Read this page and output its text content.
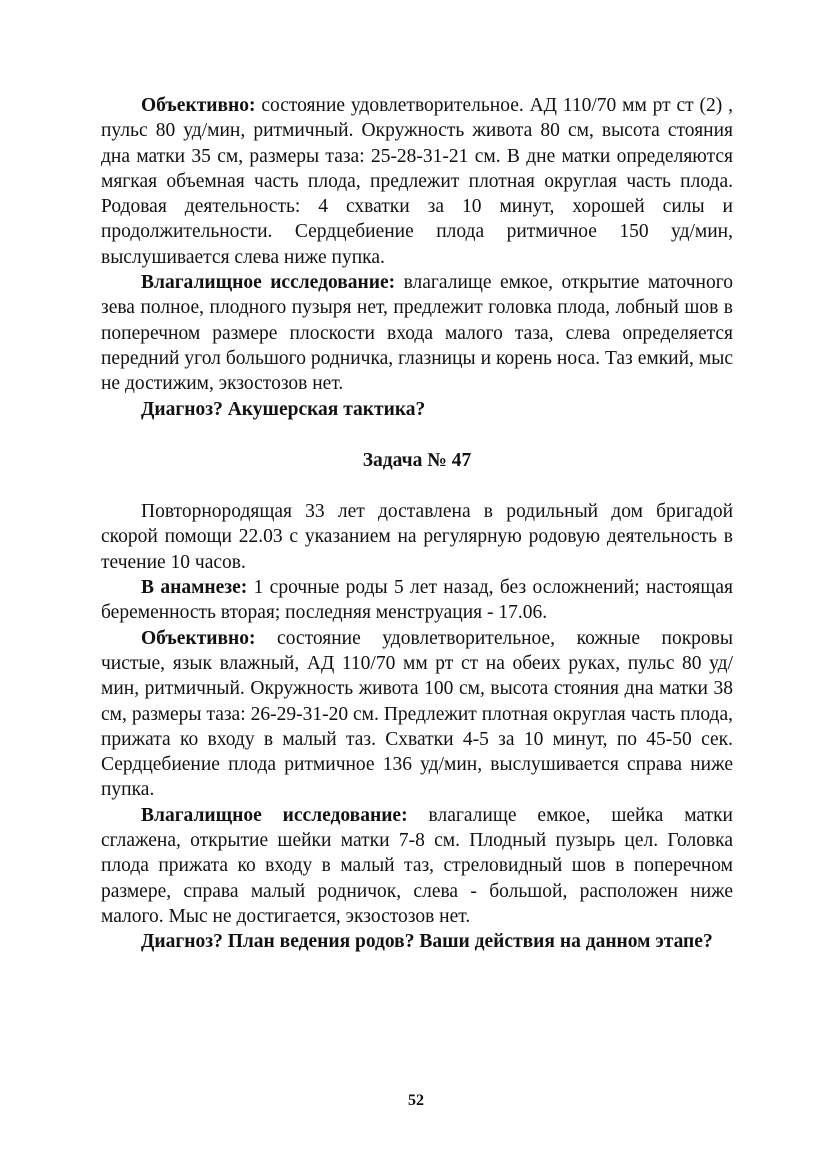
Объективно: состояние удовлетворительное. АД 110/70 мм рт ст (2) , пульс 80 уд/мин, ритмичный. Окружность живота 80 см, высота стояния дна матки 35 см, размеры таза: 25-28-31-21 см. В дне матки определяются мягкая объемная часть плода, предлежит плотная округлая часть плода. Родовая деятельность: 4 схватки за 10 минут, хорошей силы и продолжительности. Сердцебиение плода ритмичное 150 уд/мин, выслушивается слева ниже пупка.

Влагалищное исследование: влагалище емкое, открытие маточного зева полное, плодного пузыря нет, предлежит головка плода, лобный шов в поперечном размере плоскости входа малого таза, слева определяется передний угол большого родничка, глазницы и корень носа. Таз емкий, мыс не достижим, экзостозов нет.

Диагноз? Акушерская тактика?

Задача № 47

Повторнородящая 33 лет доставлена в родильный дом бригадой скорой помощи 22.03 с указанием на регулярную родовую деятельность в течение 10 часов.

В анамнезе: 1 срочные роды 5 лет назад, без осложнений; настоящая беременность вторая; последняя менструация - 17.06.

Объективно: состояние удовлетворительное, кожные покровы чистые, язык влажный, АД 110/70 мм рт ст на обеих руках, пульс 80 уд/мин, ритмичный. Окружность живота 100 см, высота стояния дна матки 38 см, размеры таза: 26-29-31-20 см. Предлежит плотная округлая часть плода, прижата ко входу в малый таз. Схватки 4-5 за 10 минут, по 45-50 сек. Сердцебиение плода ритмичное 136 уд/мин, выслушивается справа ниже пупка.

Влагалищное исследование: влагалище емкое, шейка матки сглажена, открытие шейки матки 7-8 см. Плодный пузырь цел. Головка плода прижата ко входу в малый таз, стреловидный шов в поперечном размере, справа малый родничок, слева - большой, расположен ниже малого. Мыс не достигается, экзостозов нет.

Диагноз? План ведения родов? Ваши действия на данном этапе?

52
